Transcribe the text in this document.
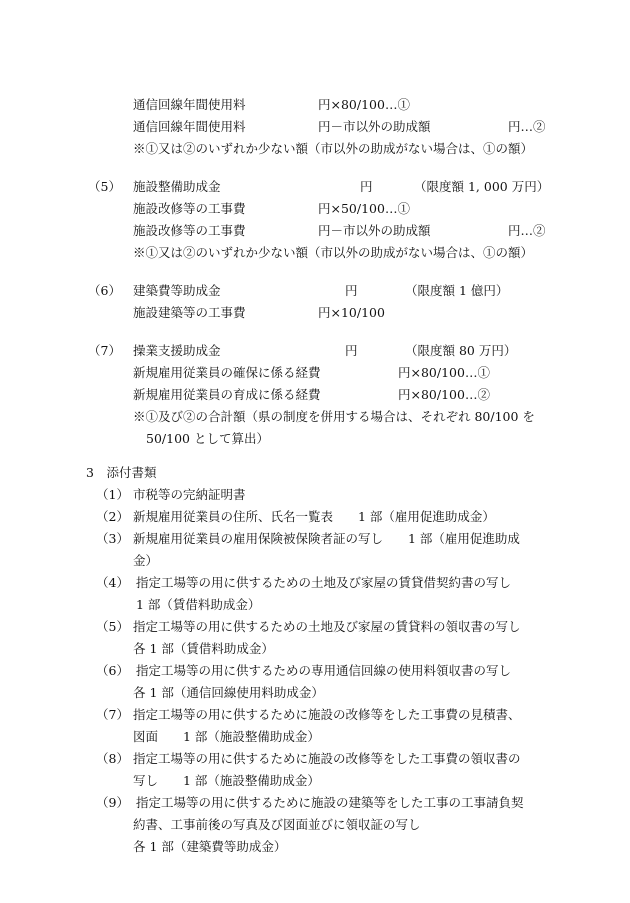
通信回線年間使用料	円×80/100…①
通信回線年間使用料	円－市以外の助成額	円…②
※①又は②のいずれか少ない額（市以外の助成がない場合は、①の額）
（5） 施設整備助成金	円	（限度額 1, 000 万円）
施設改修等の工事費	円×50/100…①
施設改修等の工事費	円－市以外の助成額	円…②
※①又は②のいずれか少ない額（市以外の助成がない場合は、①の額）
（6） 建築費等助成金	円	（限度額 1 億円）
施設建築等の工事費	円×10/100
（7） 操業支援助成金	円	（限度額 80 万円）
新規雇用従業員の確保に係る経費	円×80/100…①
新規雇用従業員の育成に係る経費	円×80/100…②
※①及び②の合計額（県の制度を併用する場合は、それぞれ 80/100 を
50/100 として算出）
3　添付書類
（1） 市税等の完納証明書
（2） 新規雇用従業員の住所、氏名一覧表　　1 部（雇用促進助成金）
（3） 新規雇用従業員の雇用保険被保険者証の写し　　1 部（雇用促進助成
金）
（4） 指定工場等の用に供するための土地及び家屋の賃貸借契約書の写し
1 部（賃借料助成金）
（5） 指定工場等の用に供するための土地及び家屋の賃貸料の領収書の写し
各 1 部（賃借料助成金）
（6） 指定工場等の用に供するための専用通信回線の使用料領収書の写し
各 1 部（通信回線使用料助成金）
（7） 指定工場等の用に供するために施設の改修等をした工事費の見積書、
図面　　1 部（施設整備助成金）
（8） 指定工場等の用に供するために施設の改修等をした工事費の領収書の
写し　　1 部（施設整備助成金）
（9） 指定工場等の用に供するために施設の建築等をした工事の工事請負契
約書、工事前後の写真及び図面並びに領収証の写し
各 1 部（建築費等助成金）
